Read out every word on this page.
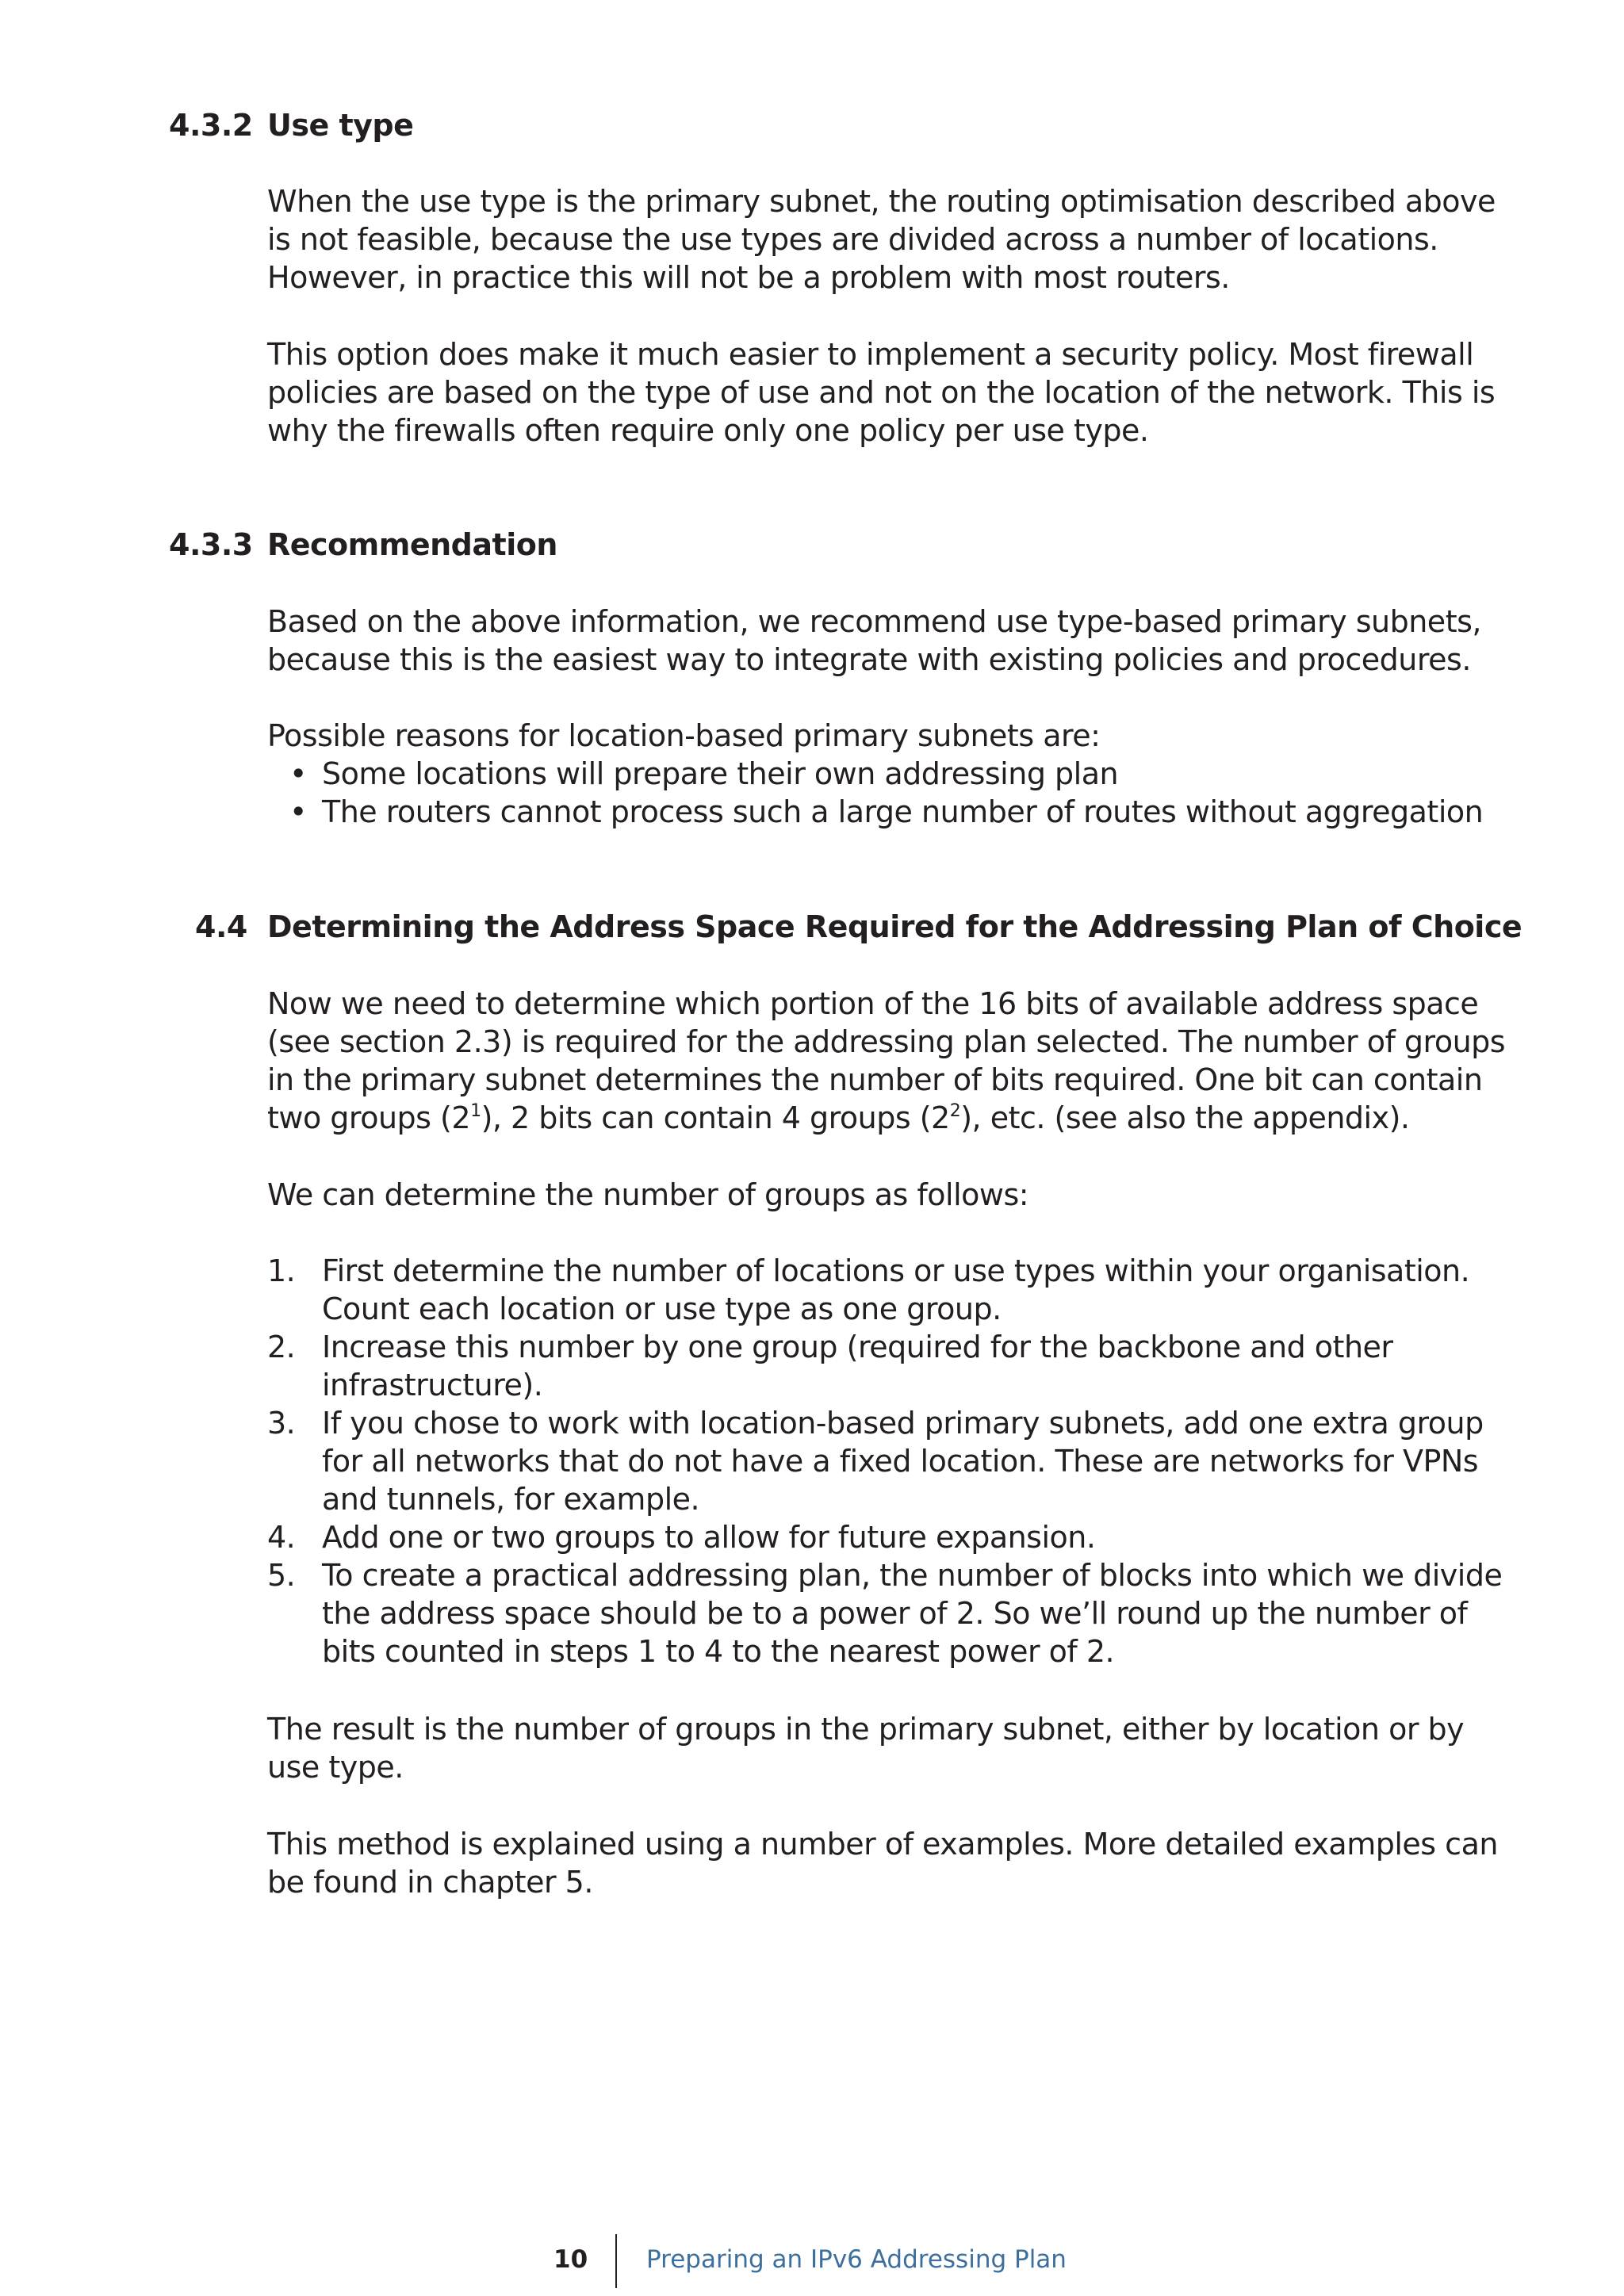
4.3.2 Use type

When the use type is the primary subnet, the routing optimisation described above
is not feasible, because the use types are divided across a number of locations.
However, in practice this will not be a problem with most routers.

This option does make it much easier to implement a security policy. Most firewall
policies are based on the type of use and not on the location of the network. This is
why the firewalls often require only one policy per use type.

4.3.3 Recommendation

Based on the above information, we recommend use type-based primary subnets,
because this is the easiest way to integrate with existing policies and procedures.

Possible reasons for location-based primary subnets are:

• Some locations will prepare their own addressing plan
• The routers cannot process such a large number of routes without aggregation
4.4 Determining the Address Space Required for the Addressing Plan of Choice

Now we need to determine which portion of the 16 bits of available address space
(see section 2.3) is required for the addressing plan selected. The number of groups
in the primary subnet determines the number of bits required. One bit can contain
two groups $(2^1)$, 2 bits can contain 4 groups $(2^2)$, etc. (see also the appendix).

We can determine the number of groups as follows:

1. First determine the number of locations or use types within your organisation.
Count each location or use type as one group.
2. Increase this number by one group (required for the backbone and other
infrastructure).
3. If you chose to work with location-based primary subnets, add one extra group
for all networks that do not have a fixed location. These are networks for VPNs
and tunnels, for example.
4. Add one or two groups to allow for future expansion.
5. To create a practical addressing plan, the number of blocks into which we divide
the address space should be to a power of 2. So we’ll round up the number of
bits counted in steps 1 to 4 to the nearest power of 2.

The result is the number of groups in the primary subnet, either by location or by
use type.

This method is explained using a number of examples. More detailed examples can
be found in chapter 5.

10 Preparing an IPv6 Addressing Plan
